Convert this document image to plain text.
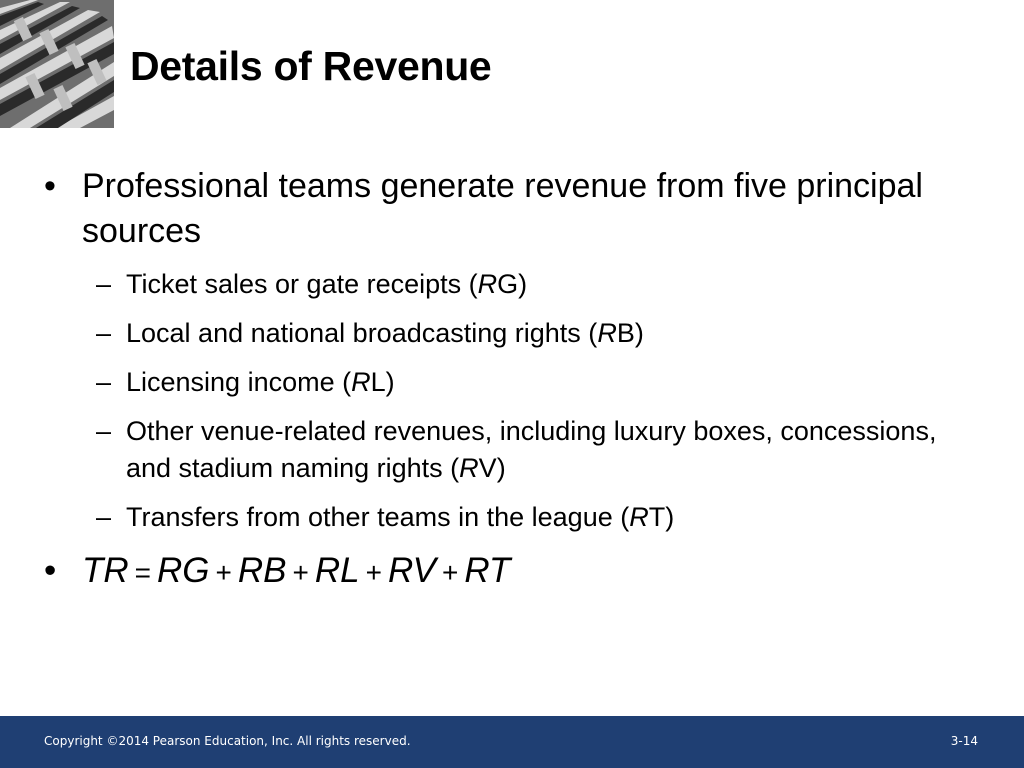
Details of Revenue
• Professional teams generate revenue from five principal sources
– Ticket sales or gate receipts (RG)
– Local and national broadcasting rights (RB)
– Licensing income (RL)
– Other venue-related revenues, including luxury boxes, concessions, and stadium naming rights (RV)
– Transfers from other teams in the league (RT)
• TR = RG + RB + RL + RV + RT
Copyright ©2014 Pearson Education, Inc. All rights reserved.	3-14
